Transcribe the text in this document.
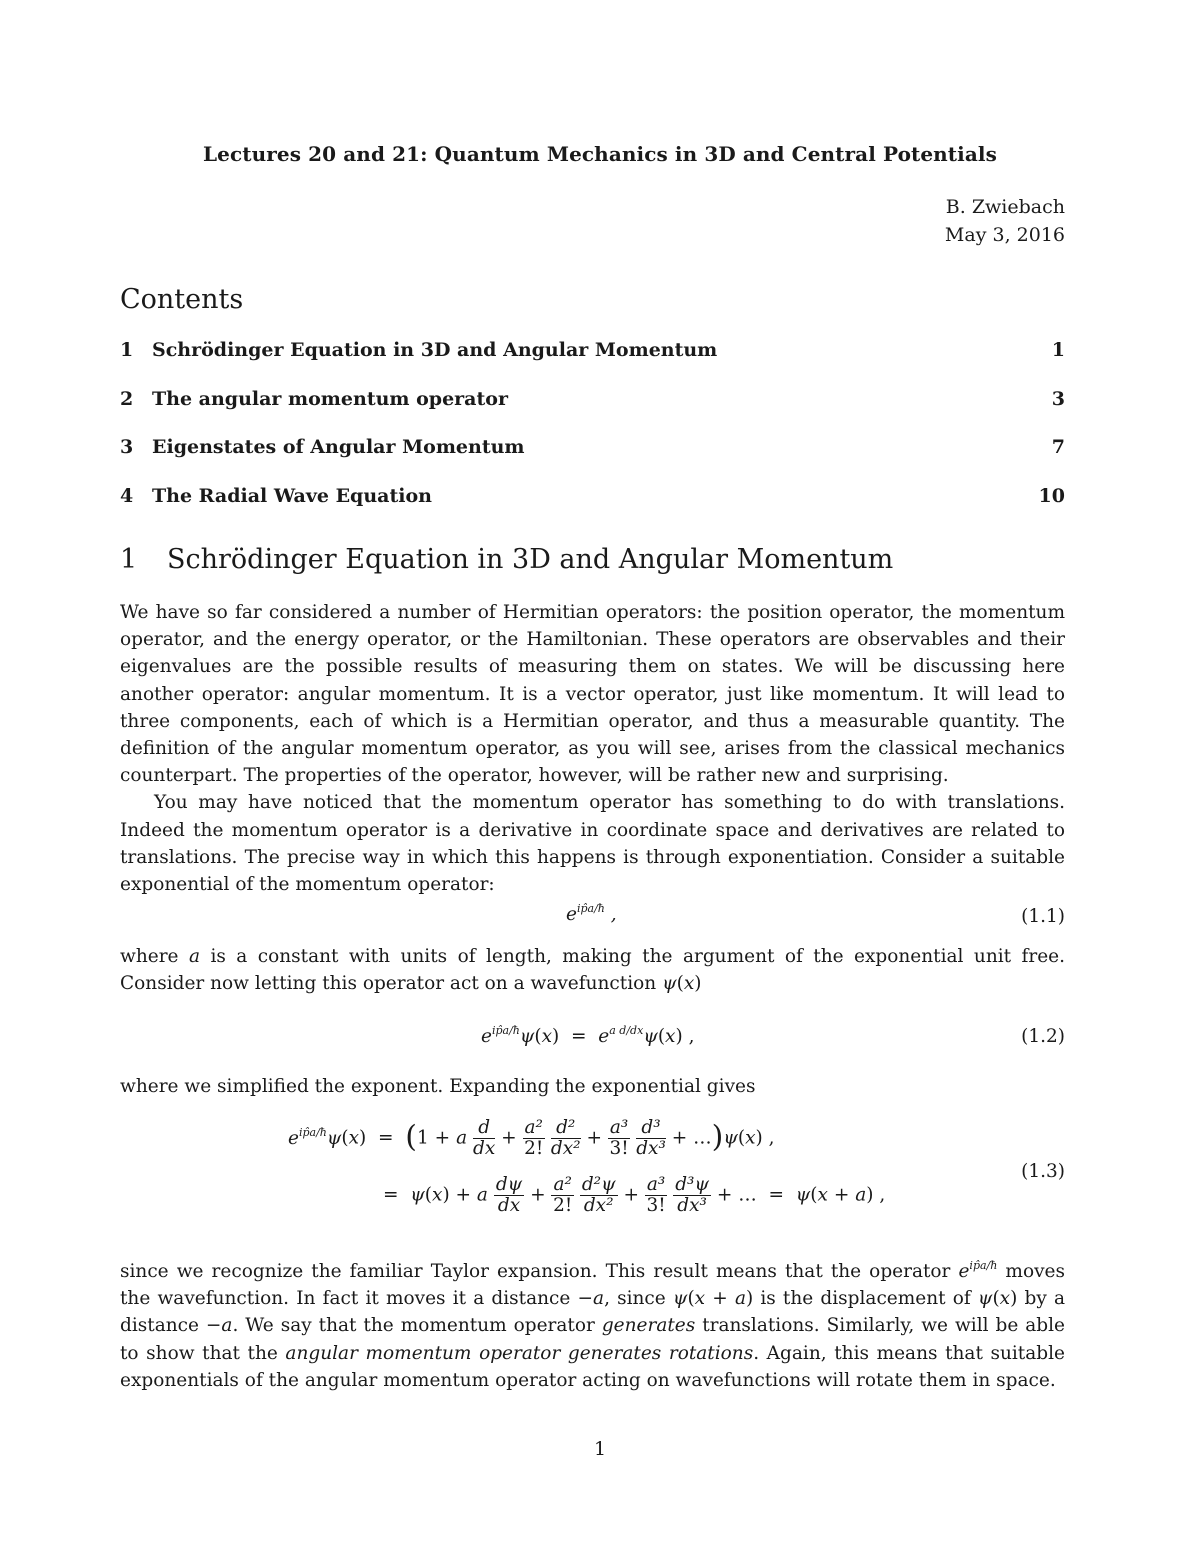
Lectures 20 and 21: Quantum Mechanics in 3D and Central Potentials
B. Zwiebach
May 3, 2016
Contents
1 Schrödinger Equation in 3D and Angular Momentum	1
2 The angular momentum operator	3
3 Eigenstates of Angular Momentum	7
4 The Radial Wave Equation	10
1 Schrödinger Equation in 3D and Angular Momentum

We have so far considered a number of Hermitian operators: the position operator, the momentum operator, and the energy operator, or the Hamiltonian. These operators are observables and their eigenvalues are the possible results of measuring them on states. We will be discussing here another operator: angular momentum. It is a vector operator, just like momentum. It will lead to three components, each of which is a Hermitian operator, and thus a measurable quantity. The definition of the angular momentum operator, as you will see, arises from the classical mechanics counterpart. The properties of the operator, however, will be rather new and surprising.

You may have noticed that the momentum operator has something to do with translations. Indeed the momentum operator is a derivative in coordinate space and derivatives are related to translations. The precise way in which this happens is through exponentiation. Consider a suitable exponential of the momentum operator:

$e^{ip̂a/ħ}$ ,	(1.1)

where a is a constant with units of length, making the argument of the exponential unit free. Consider now letting this operator act on a wavefunction ψ(x)

$e^{ip̂a/ħ}\psi(x) = e^{a d/dx}\psi(x)$ ,	(1.2)

where we simplified the exponent. Expanding the exponential gives

$e^{ip̂a/ħ}\psi(x) = (1 + a \frac{d}{dx} + \frac{\text{a²}}{2!}$
$\frac{\text{d²}}{\text{dx²}} + \frac{\text{a³}}{3!}$
$\frac{\text{d³}}{\text{dx³}}$ + …)ψ(x) ,
(1.3)
=  ψ(x) + a $\frac{d\psi}{dx} + \frac{\text{a²}}{2!}$
$\frac{\text{d²ψ}}{\text{dx²}} + \frac{\text{a³}}{3!}$
$\frac{\text{d³ψ}}{\text{dx³}}$ + …  =  ψ(x + a) ,

since we recognize the familiar Taylor expansion. This result means that the operator $e^{ip̂a/ħ}$ moves the wavefunction. In fact it moves it a distance −a, since ψ(x + a) is the displacement of ψ(x) by a distance −a. We say that the momentum operator generates translations. Similarly, we will be able to show that the angular momentum operator generates rotations. Again, this means that suitable exponentials of the angular momentum operator acting on wavefunctions will rotate them in space.

1
